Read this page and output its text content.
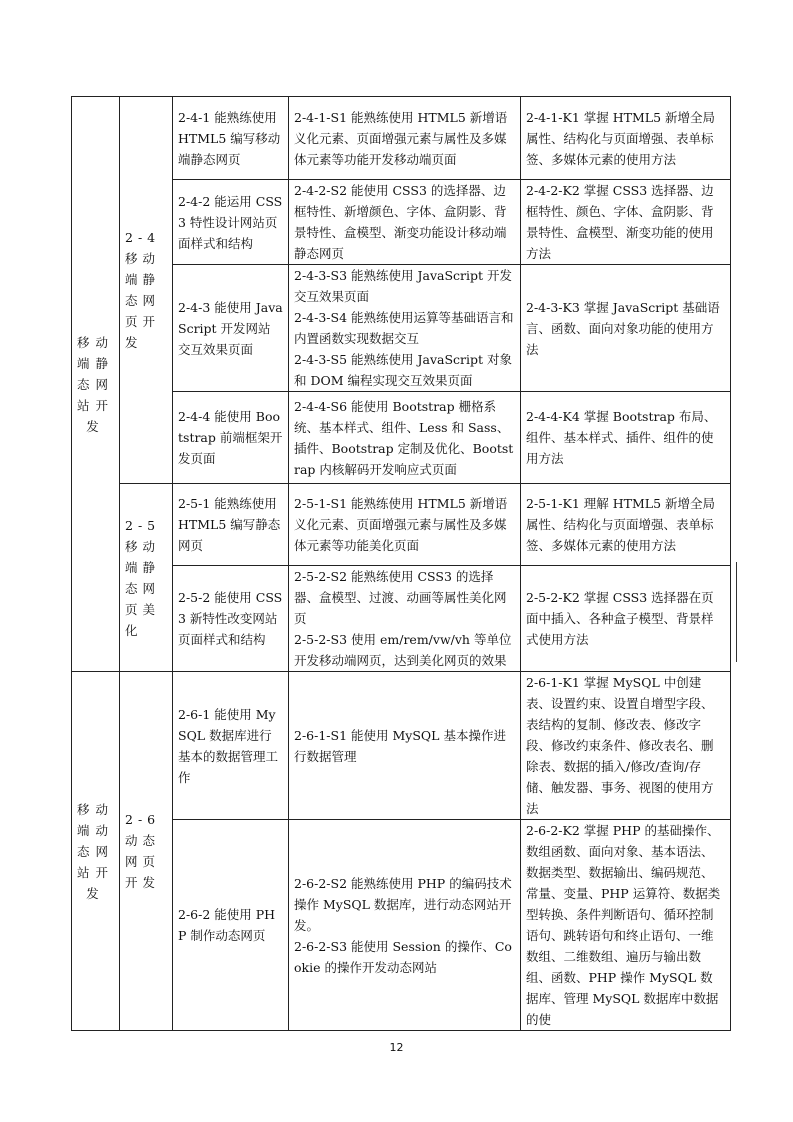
移动端静态网站开发	2-4 移动端静态网页开发	2-4-1 能熟练使用 HTML5 编写移动端静态网页	2-4-1-S1 能熟练使用 HTML5 新增语义化元素、页面增强元素与属性及多媒体元素等功能开发移动端页面	2-4-1-K1 掌握 HTML5 新增全局属性、结构化与页面增强、表单标签、多媒体元素的使用方法

		2-4-2 能运用 CSS3 特性设计网站页面样式和结构	2-4-2-S2 能使用 CSS3 的选择器、边框特性、新增颜色、字体、盒阴影、背景特性、盒模型、渐变功能设计移动端静态网页	2-4-2-K2 掌握 CSS3 选择器、边框特性、颜色、字体、盒阴影、背景特性、盒模型、渐变功能的使用方法

		2-4-3 能使用 JavaScript 开发网站交互效果页面	2-4-3-S3 能熟练使用 JavaScript 开发交互效果页面
2-4-3-S4 能熟练使用运算等基础语言和内置函数实现数据交互
2-4-3-S5 能熟练使用 JavaScript 对象和 DOM 编程实现交互效果页面	2-4-3-K3 掌握 JavaScript 基础语言、函数、面向对象功能的使用方法

		2-4-4 能使用 Bootstrap 前端框架开发页面	2-4-4-S6 能使用 Bootstrap 栅格系统、基本样式、组件、Less 和 Sass、插件、Bootstrap 定制及优化、Bootstrap 内核解码开发响应式页面	2-4-4-K4 掌握 Bootstrap 布局、组件、基本样式、插件、组件的使用方法

	2-5 移动端静态网页美化	2-5-1 能熟练使用 HTML5 编写静态网页	2-5-1-S1 能熟练使用 HTML5 新增语义化元素、页面增强元素与属性及多媒体元素等功能美化页面	2-5-1-K1 理解 HTML5 新增全局属性、结构化与页面增强、表单标签、多媒体元素的使用方法

		2-5-2 能使用 CSS3 新特性改变网站页面样式和结构	2-5-2-S2 能熟练使用 CSS3 的选择器、盒模型、过渡、动画等属性美化网页
2-5-2-S3 使用 em/rem/vw/vh 等单位开发移动端网页，达到美化网页的效果	2-5-2-K2 掌握 CSS3 选择器在页面中插入、各种盒子模型、背景样式使用方法

移动端动态网站开发	2-6 动态网页开发	2-6-1 能使用 MySQL 数据库进行基本的数据管理工作	2-6-1-S1 能使用 MySQL 基本操作进行数据管理	2-6-1-K1 掌握 MySQL 中创建表、设置约束、设置自增型字段、表结构的复制、修改表、修改字段、修改约束条件、修改表名、删除表、数据的插入/修改/查询/存储、触发器、事务、视图的使用方法

		2-6-2 能使用 PHP 制作动态网页	2-6-2-S2 能熟练使用 PHP 的编码技术操作 MySQL 数据库，进行动态网站开发。
2-6-2-S3 能使用 Session 的操作、Cookie 的操作开发动态网站	2-6-2-K2 掌握 PHP 的基础操作、数组函数、面向对象、基本语法、数据类型、数据输出、编码规范、常量、变量、PHP 运算符、数据类型转换、条件判断语句、循环控制语句、跳转语句和终止语句、一维数组、二维数组、遍历与输出数组、函数、PHP 操作 MySQL 数据库、管理 MySQL 数据库中数据的使
12
